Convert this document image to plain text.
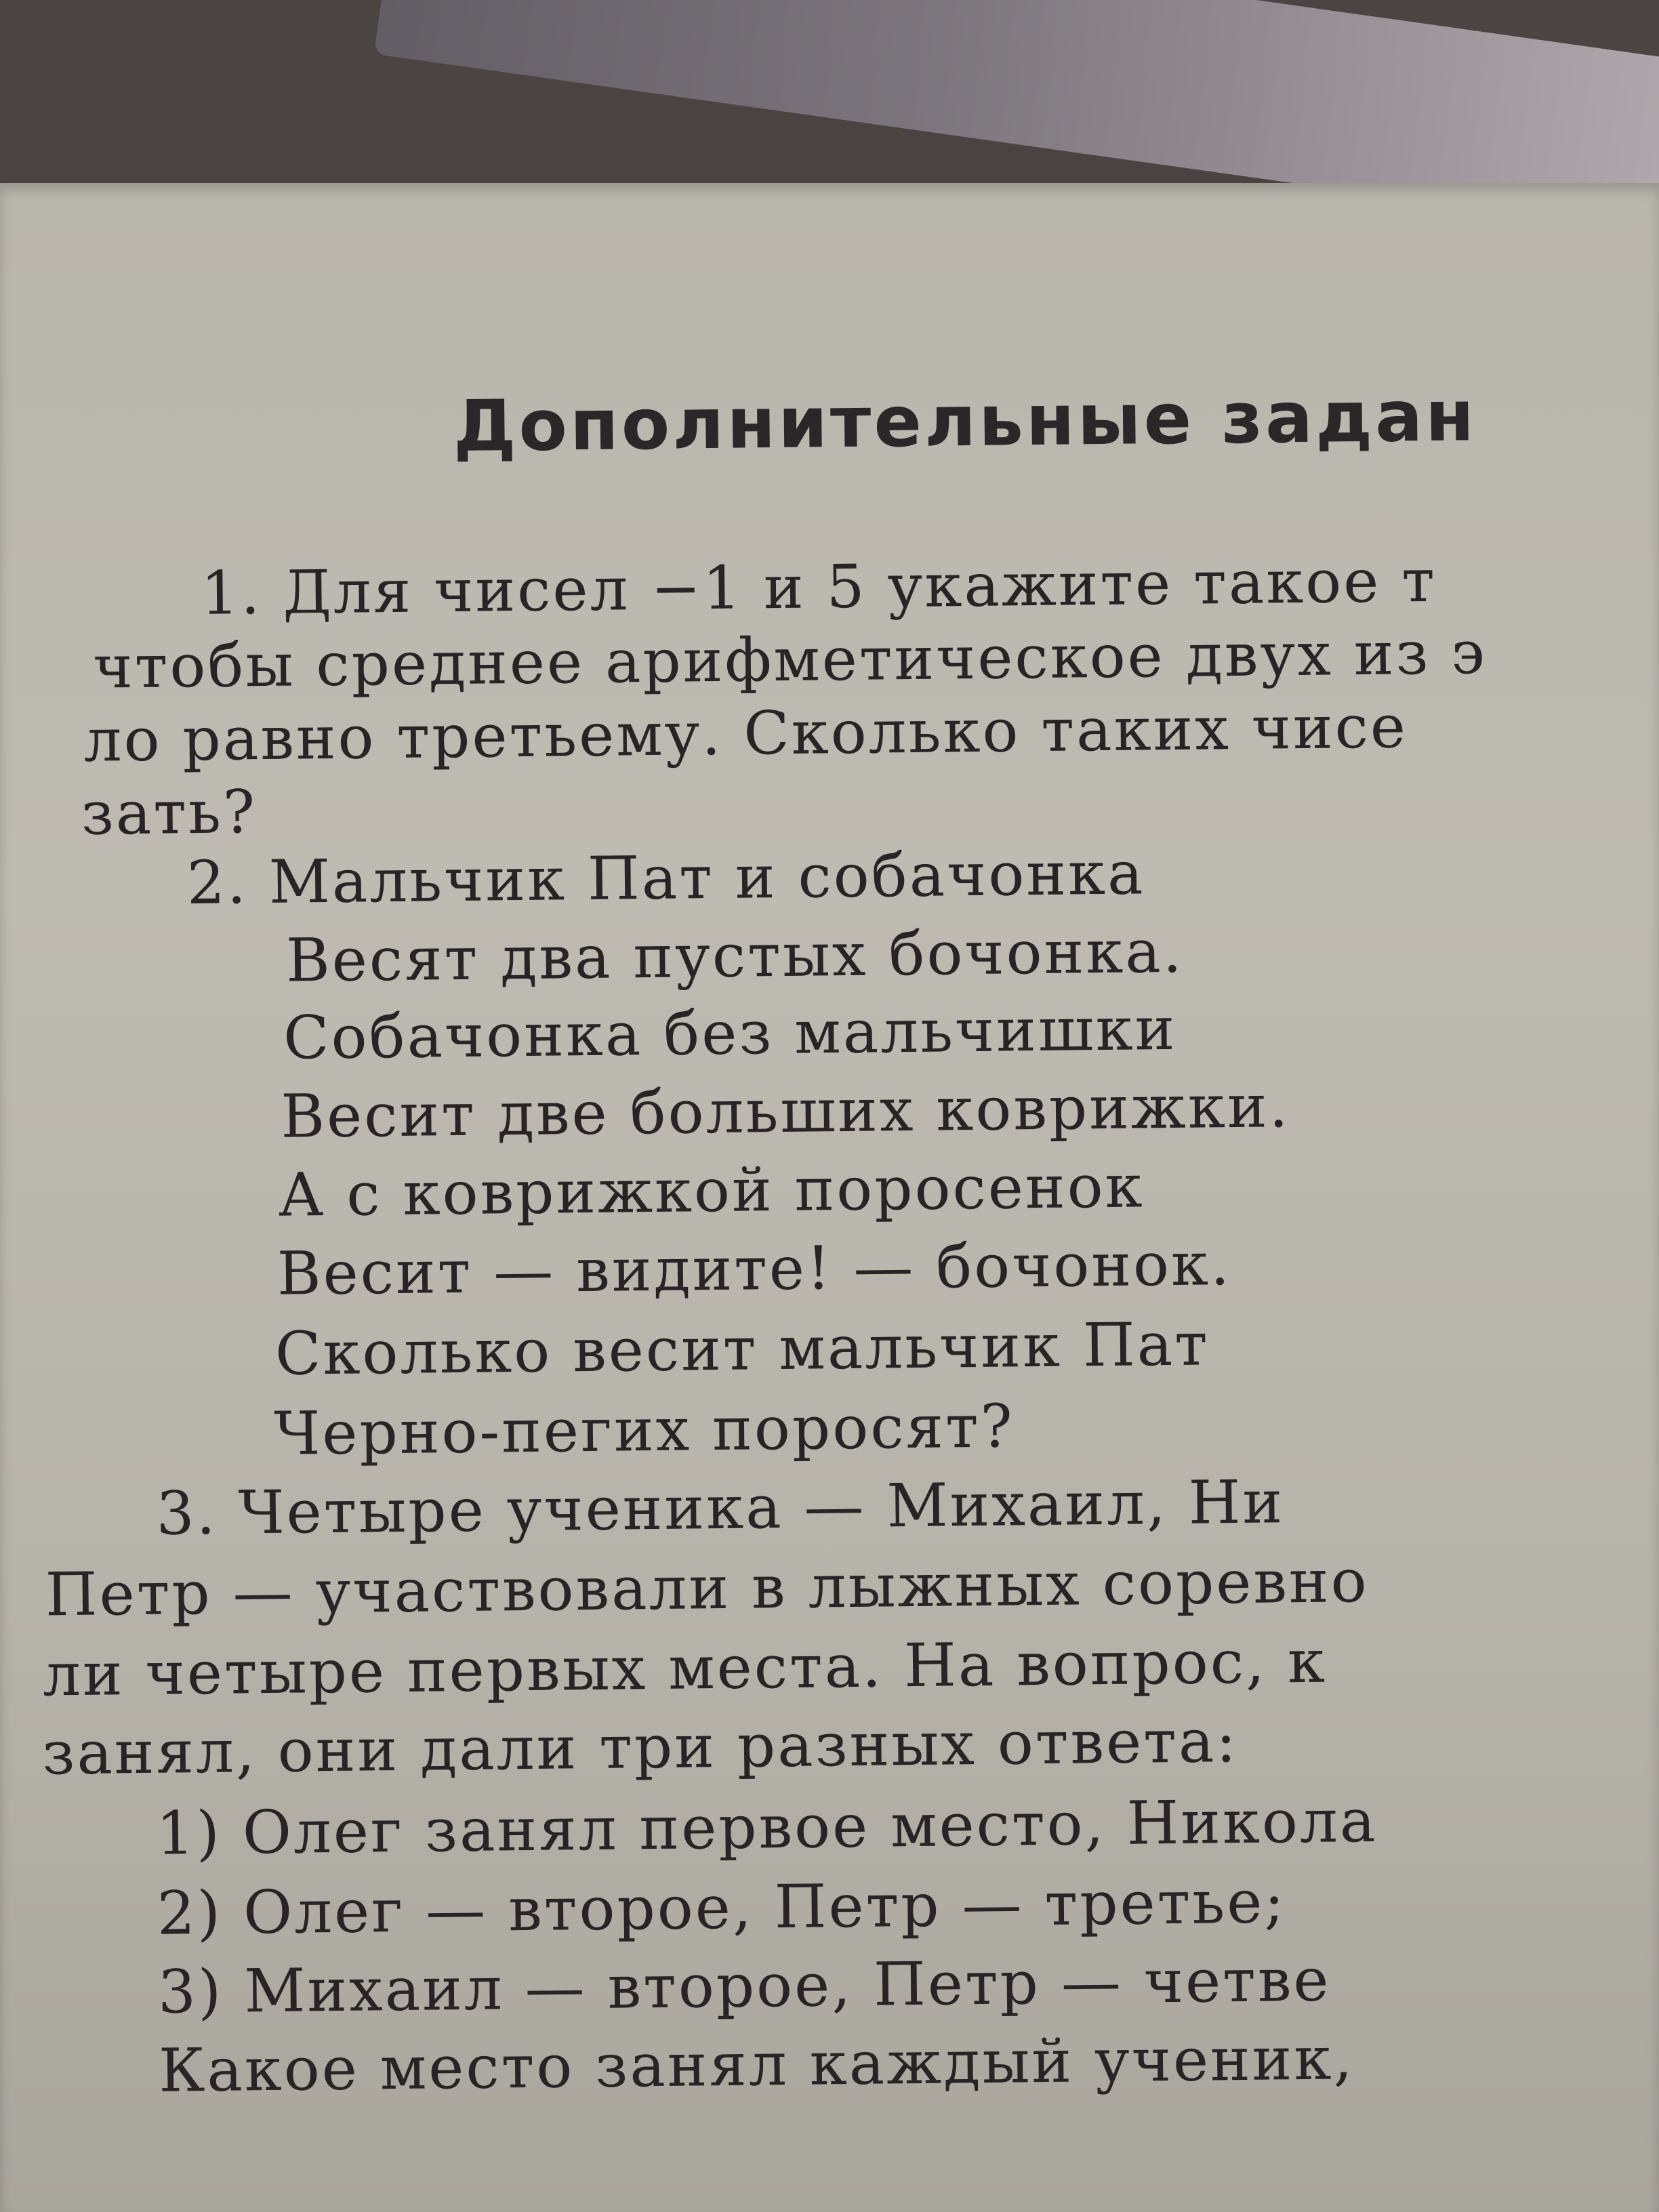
Дополнительные задан
1. Для чисел −1 и 5 укажите такое т
чтобы среднее арифметическое двух из э
ло равно третьему. Сколько таких чисе
зать?
2. Мальчик Пат и собачонка
Весят два пустых бочонка.
Собачонка без мальчишки
Весит две больших коврижки.
А с коврижкой поросенок
Весит — видите! — бочонок.
Сколько весит мальчик Пат
Черно-пегих поросят?
3. Четыре ученика — Михаил, Ни
Петр — участвовали в лыжных соревно
ли четыре первых места. На вопрос, к
занял, они дали три разных ответа:
1) Олег занял первое место, Никола
2) Олег — второе, Петр — третье;
3) Михаил — второе, Петр — четве
Какое место занял каждый ученик,
